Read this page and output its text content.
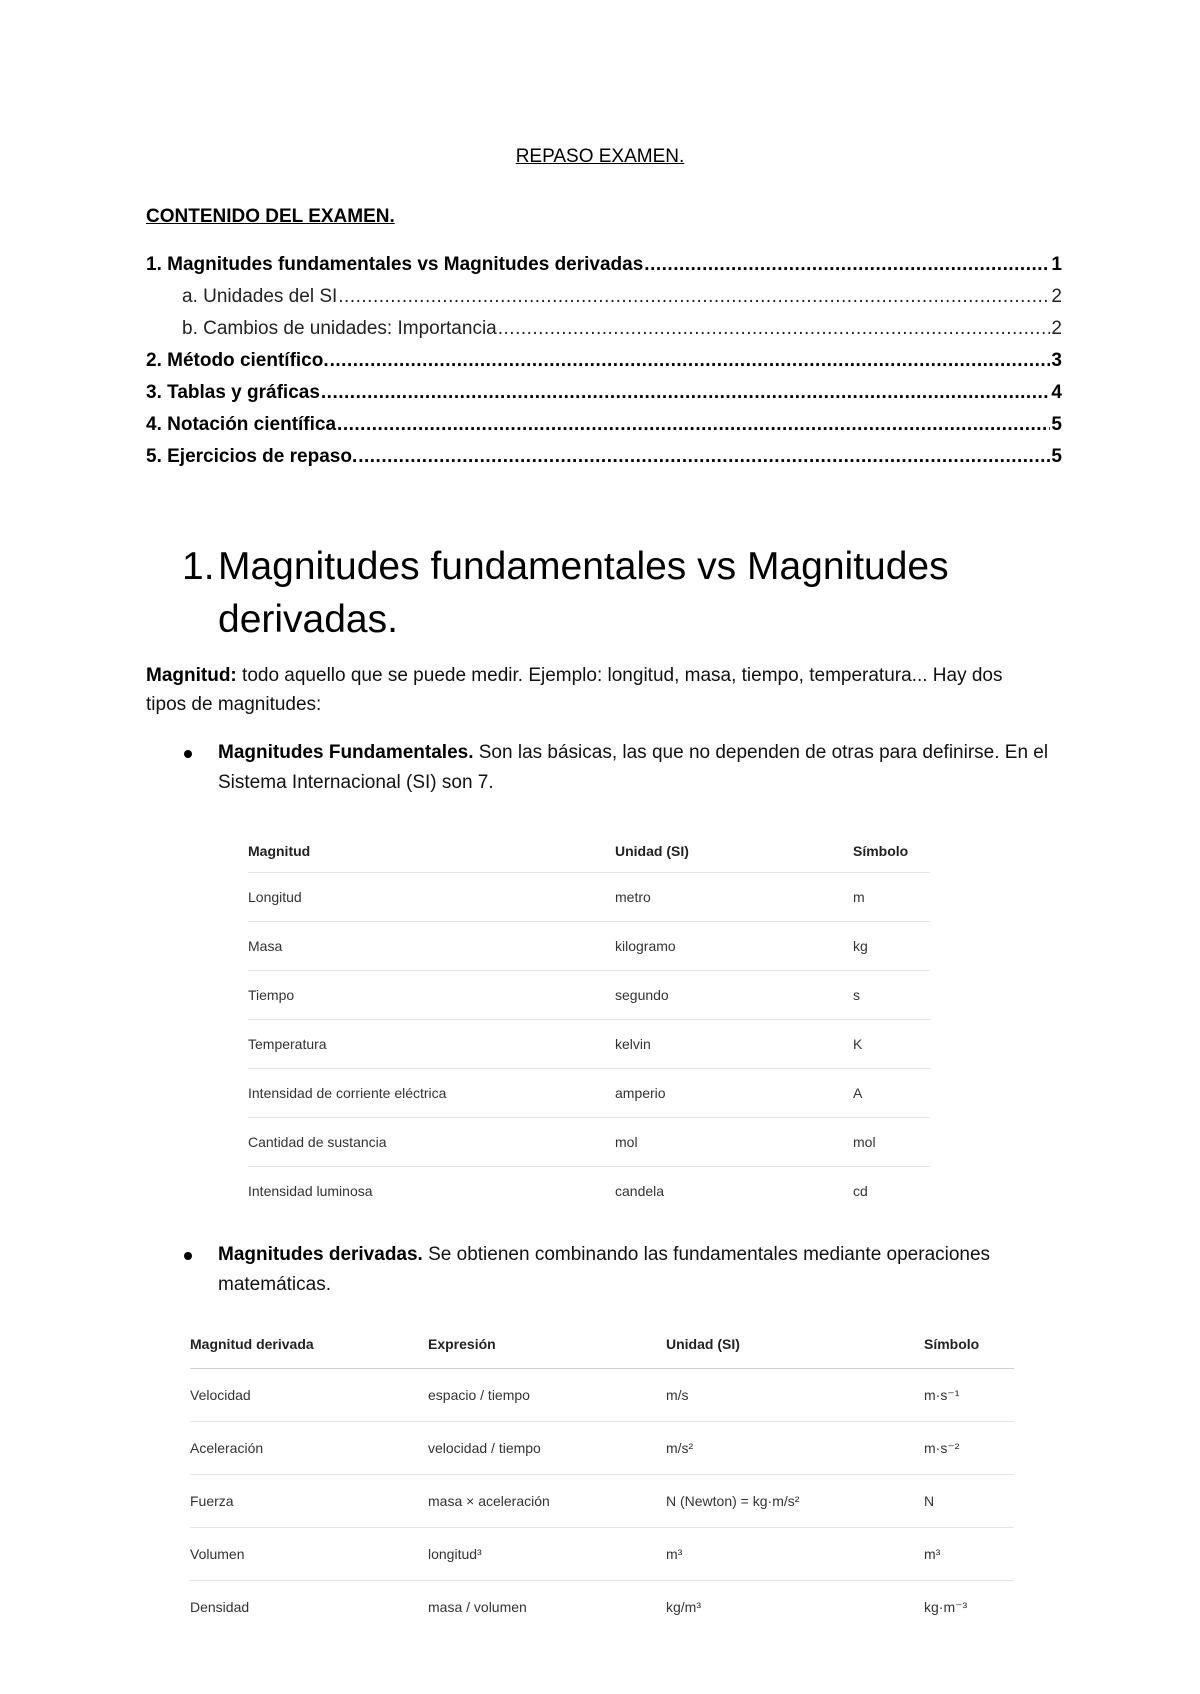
REPASO EXAMEN.
CONTENIDO DEL EXAMEN.
1. Magnitudes fundamentales vs Magnitudes derivadas .....	1
a. Unidades del SI .....	2
b. Cambios de unidades: Importancia .....	2
2. Método científico. .....	3
3. Tablas y gráficas .....	4
4. Notación científica .....	5
5. Ejercicios de repaso. .....	5
1. Magnitudes fundamentales vs Magnitudes derivadas.
Magnitud: todo aquello que se puede medir. Ejemplo: longitud, masa, tiempo, temperatura... Hay dos tipos de magnitudes:
Magnitudes Fundamentales. Son las básicas, las que no dependen de otras para definirse. En el Sistema Internacional (SI) son 7.
Magnitud	Unidad (SI)	Símbolo
Longitud	metro	m
Masa	kilogramo	kg
Tiempo	segundo	s
Temperatura	kelvin	K
Intensidad de corriente eléctrica	amperio	A
Cantidad de sustancia	mol	mol
Intensidad luminosa	candela	cd
Magnitudes derivadas. Se obtienen combinando las fundamentales mediante operaciones matemáticas.
Magnitud derivada	Expresión	Unidad (SI)	Símbolo
Velocidad	espacio / tiempo	m/s	m·s⁻¹
Aceleración	velocidad / tiempo	m/s²	m·s⁻²
Fuerza	masa × aceleración	N (Newton) = kg·m/s²	N
Volumen	longitud³	m³	m³
Densidad	masa / volumen	kg/m³	kg·m⁻³
